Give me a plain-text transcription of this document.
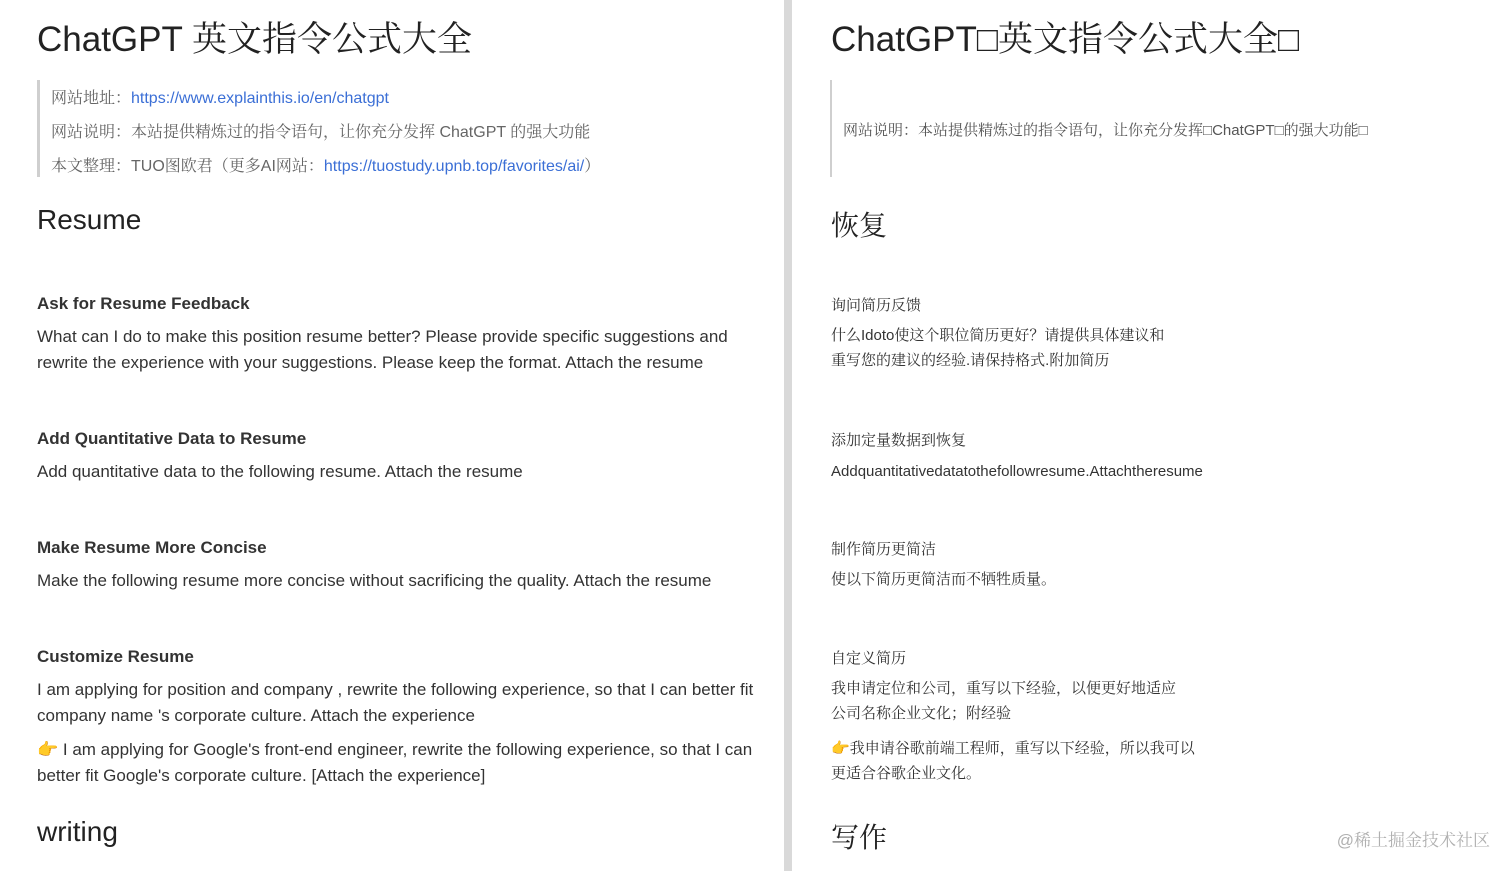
ChatGPT 英文指令公式大全
网站地址：https://www.explainthis.io/en/chatgpt
网站说明：本站提供精炼过的指令语句，让你充分发挥 ChatGPT 的强大功能
本文整理：TUO图欧君（更多AI网站：https://tuostudy.upnb.top/favorites/ai/）
Resume
Ask for Resume Feedback
What can I do to make this position resume better? Please provide specific suggestions and rewrite the experience with your suggestions. Please keep the format. Attach the resume
Add Quantitative Data to Resume
Add quantitative data to the following resume. Attach the resume
Make Resume More Concise
Make the following resume more concise without sacrificing the quality. Attach the resume
Customize Resume
I am applying for position and company , rewrite the following experience, so that I can better fit company name 's corporate culture. Attach the experience
👉 I am applying for Google's front-end engineer, rewrite the following experience, so that I can better fit Google's corporate culture. [Attach the experience]
writing
ChatGPT□英文指令公式大全□
网站说明：本站提供精炼过的指令语句，让你充分发挥□ChatGPT□的强大功能□
恢复
询问简历反馈
什么Idoto使这个职位简历更好？请提供具体建议和
重写您的建议的经验.请保持格式.附加简历
添加定量数据到恢复
Addquantitativedatatothefollowresume.Attachtheresume
制作简历更简洁
使以下简历更简洁而不牺牲质量。
自定义简历
我申请定位和公司，重写以下经验，以便更好地适应
公司名称企业文化；附经验
👉我申请谷歌前端工程师，重写以下经验，所以我可以
更适合谷歌企业文化。
写作	@稀土掘金技术社区
